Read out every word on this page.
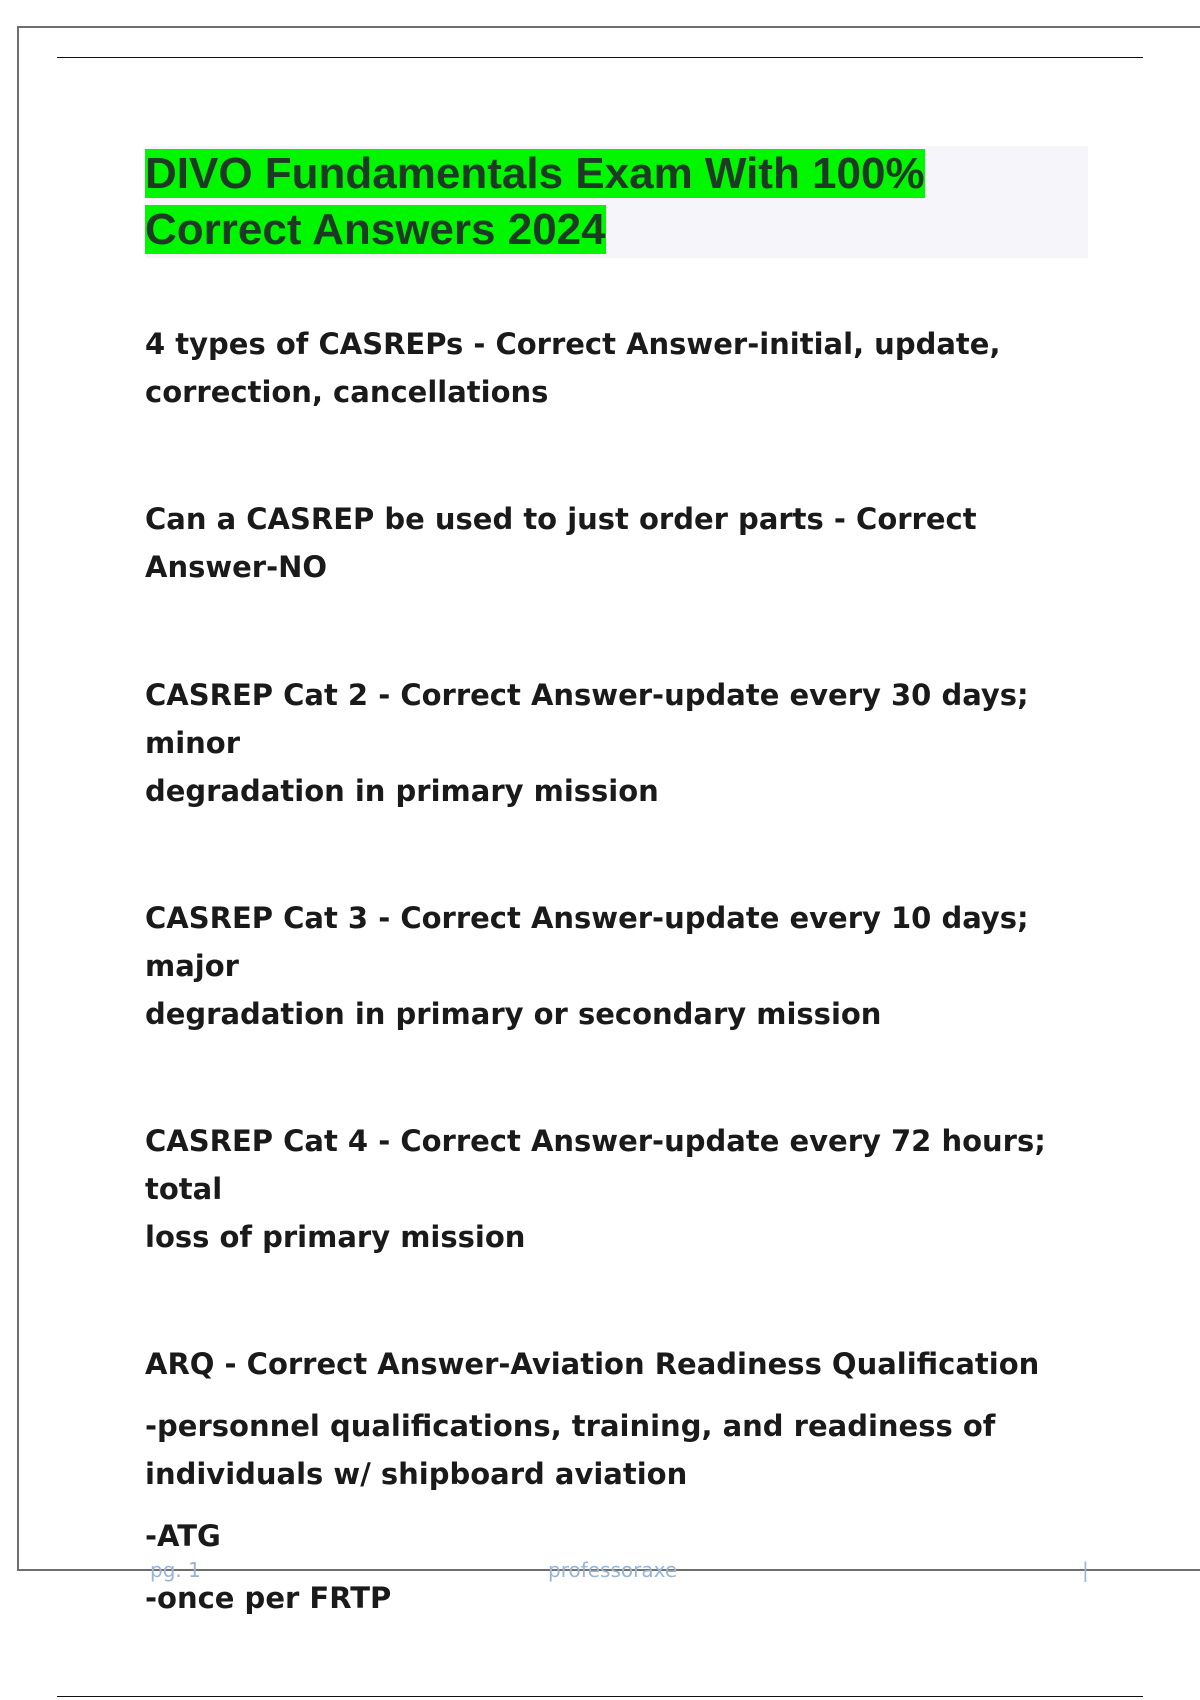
DIVO Fundamentals Exam With 100%
Correct Answers 2024

4 types of CASREPs - Correct Answer-initial, update,
correction, cancellations

Can a CASREP be used to just order parts - Correct Answer-NO

CASREP Cat 2 - Correct Answer-update every 30 days; minor
degradation in primary mission

CASREP Cat 3 - Correct Answer-update every 10 days; major
degradation in primary or secondary mission

CASREP Cat 4 - Correct Answer-update every 72 hours; total
loss of primary mission

ARQ - Correct Answer-Aviation Readiness Qualification

-personnel qualifications, training, and readiness of
individuals w/ shipboard aviation

-ATG

-once per FRTP

pg. 1	professoraxe	|
